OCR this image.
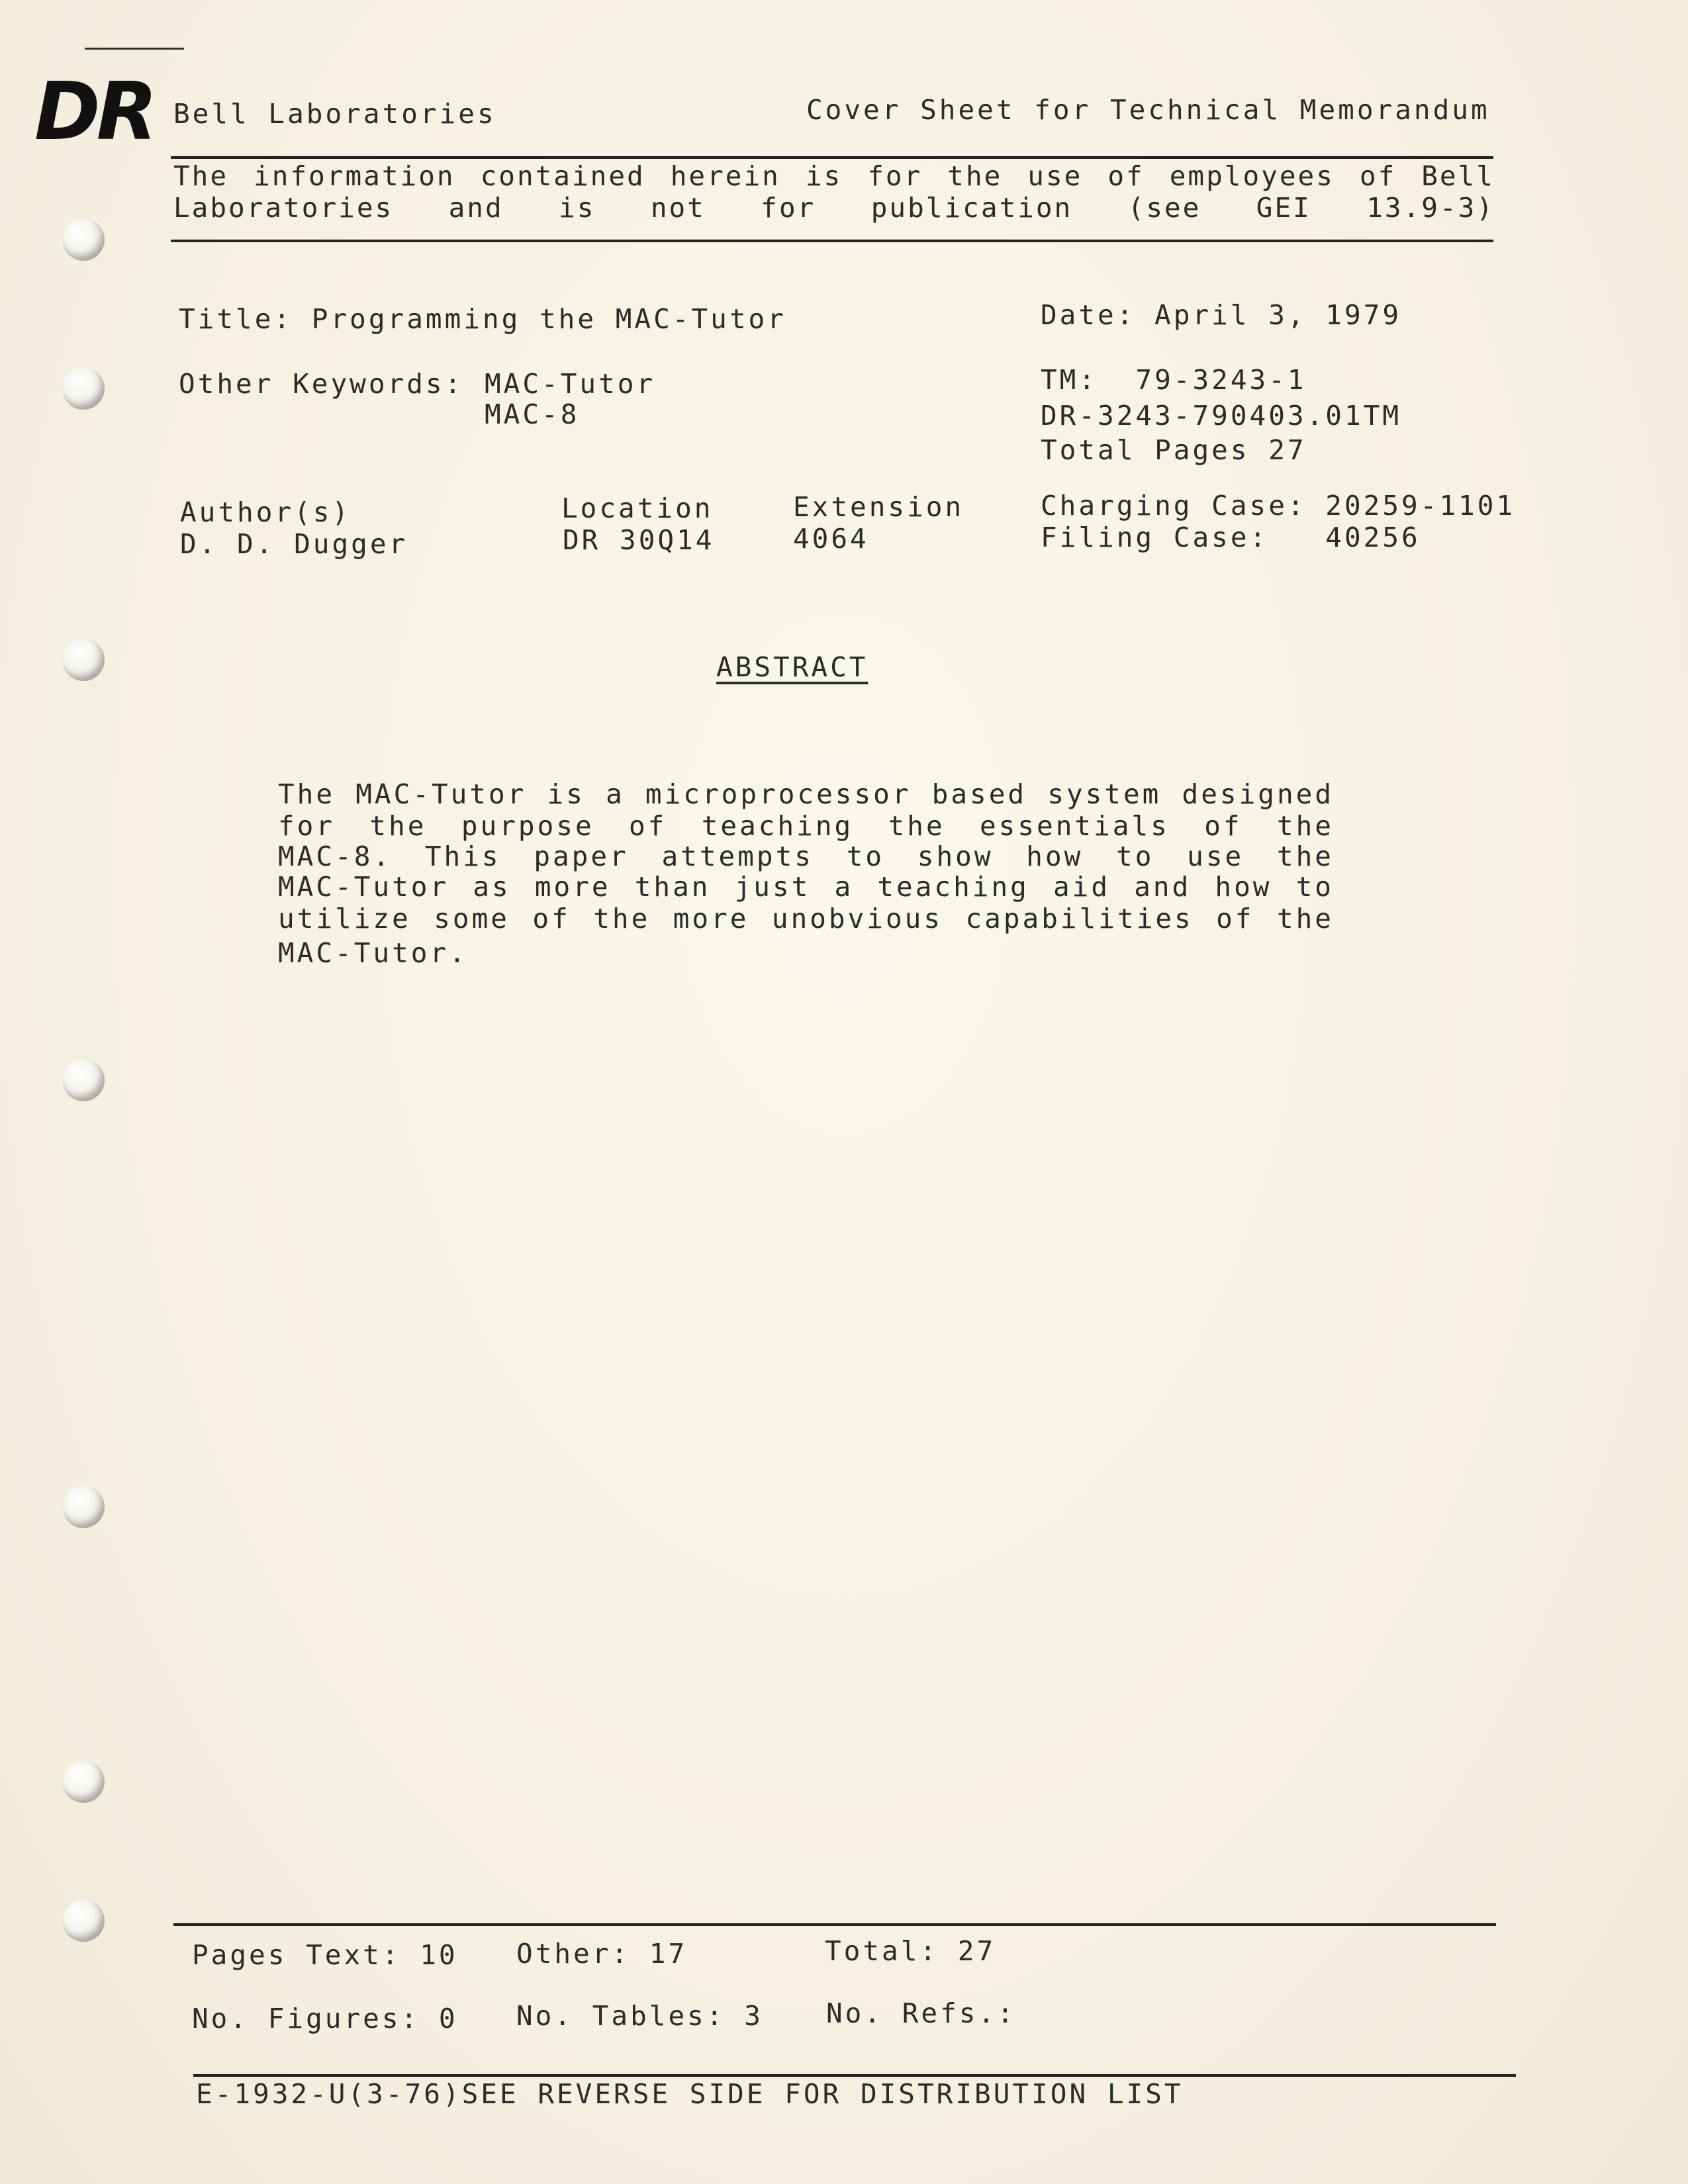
DR Bell Laboratories	Cover Sheet for Technical Memorandum
The information contained herein is for the use of employees of Bell
Laboratories and is not for publication (see GEI 13.9-3)
Title: Programming the MAC-Tutor	Date: April 3, 1979
Other Keywords: MAC-Tutor
MAC-8
TM:  79-3243-1
DR-3243-790403.01TM
Total Pages 27
Author(s)	Location	Extension
D. D. Dugger	DR 30Q14	4064
Charging Case: 20259-1101
Filing Case:   40256
ABSTRACT
The MAC-Tutor is a microprocessor based system designed
for the purpose of teaching the essentials of the
MAC-8. This paper attempts to show how to use the
MAC-Tutor as more than just a teaching aid and how to
utilize some of the more unobvious capabilities of the
MAC-Tutor.
Pages Text: 10 Other: 17	Total: 27
No. Figures: 0 No. Tables: 3 No. Refs.:
E-1932-U(3-76)SEE REVERSE SIDE FOR DISTRIBUTION LIST
